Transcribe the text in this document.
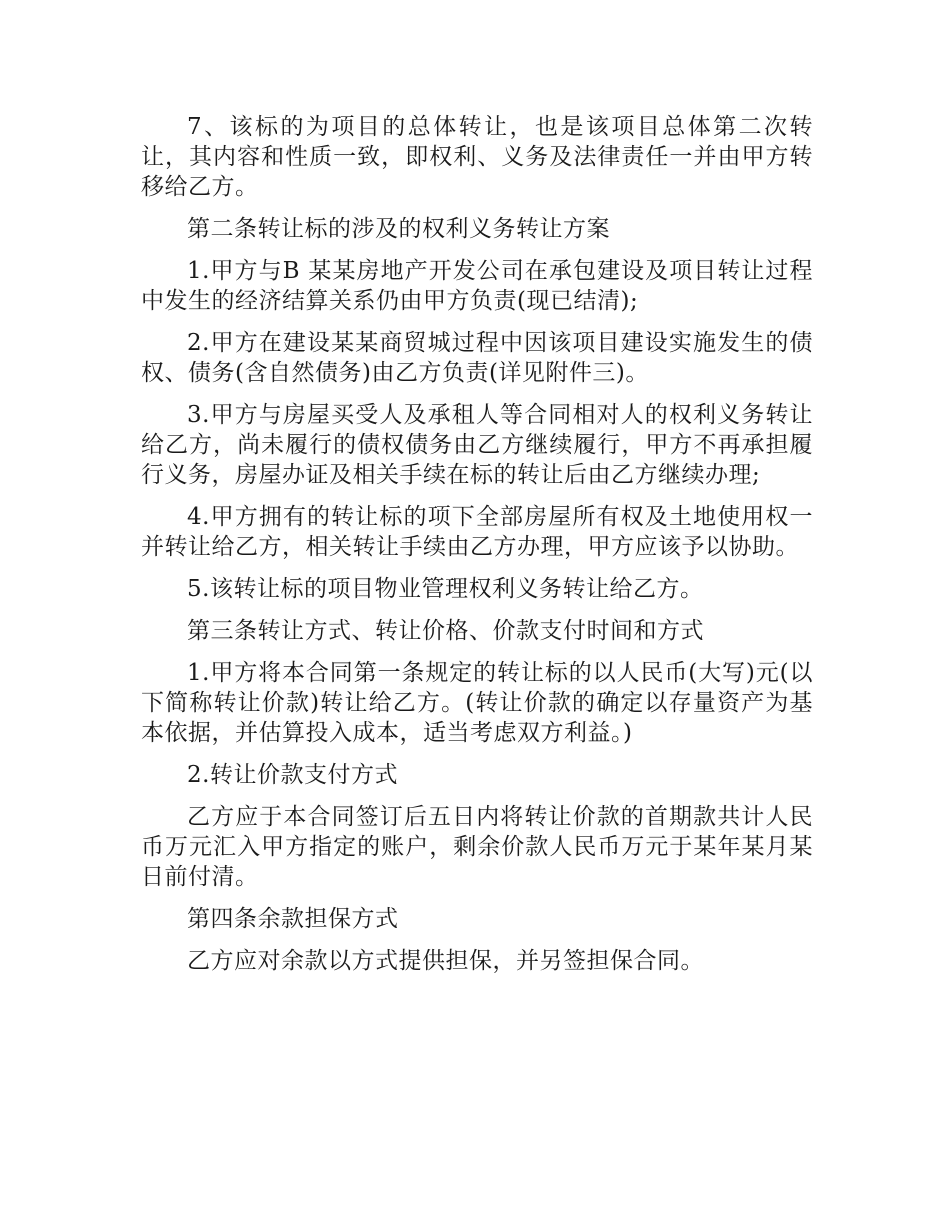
7、该标的为项目的总体转让，也是该项目总体第二次转让，其内容和性质一致，即权利、义务及法律责任一并由甲方转移给乙方。

第二条转让标的涉及的权利义务转让方案

1.甲方与B 某某房地产开发公司在承包建设及项目转让过程中发生的经济结算关系仍由甲方负责(现已结清);

2.甲方在建设某某商贸城过程中因该项目建设实施发生的债权、债务(含自然债务)由乙方负责(详见附件三)。

3.甲方与房屋买受人及承租人等合同相对人的权利义务转让给乙方，尚未履行的债权债务由乙方继续履行，甲方不再承担履行义务，房屋办证及相关手续在标的转让后由乙方继续办理;

4.甲方拥有的转让标的项下全部房屋所有权及土地使用权一并转让给乙方，相关转让手续由乙方办理，甲方应该予以协助。

5.该转让标的项目物业管理权利义务转让给乙方。

第三条转让方式、转让价格、价款支付时间和方式

1.甲方将本合同第一条规定的转让标的以人民币(大写)元(以下简称转让价款)转让给乙方。(转让价款的确定以存量资产为基本依据，并估算投入成本，适当考虑双方利益。)

2.转让价款支付方式

乙方应于本合同签订后五日内将转让价款的首期款共计人民币万元汇入甲方指定的账户，剩余价款人民币万元于某年某月某日前付清。

第四条余款担保方式

乙方应对余款以方式提供担保，并另签担保合同。
